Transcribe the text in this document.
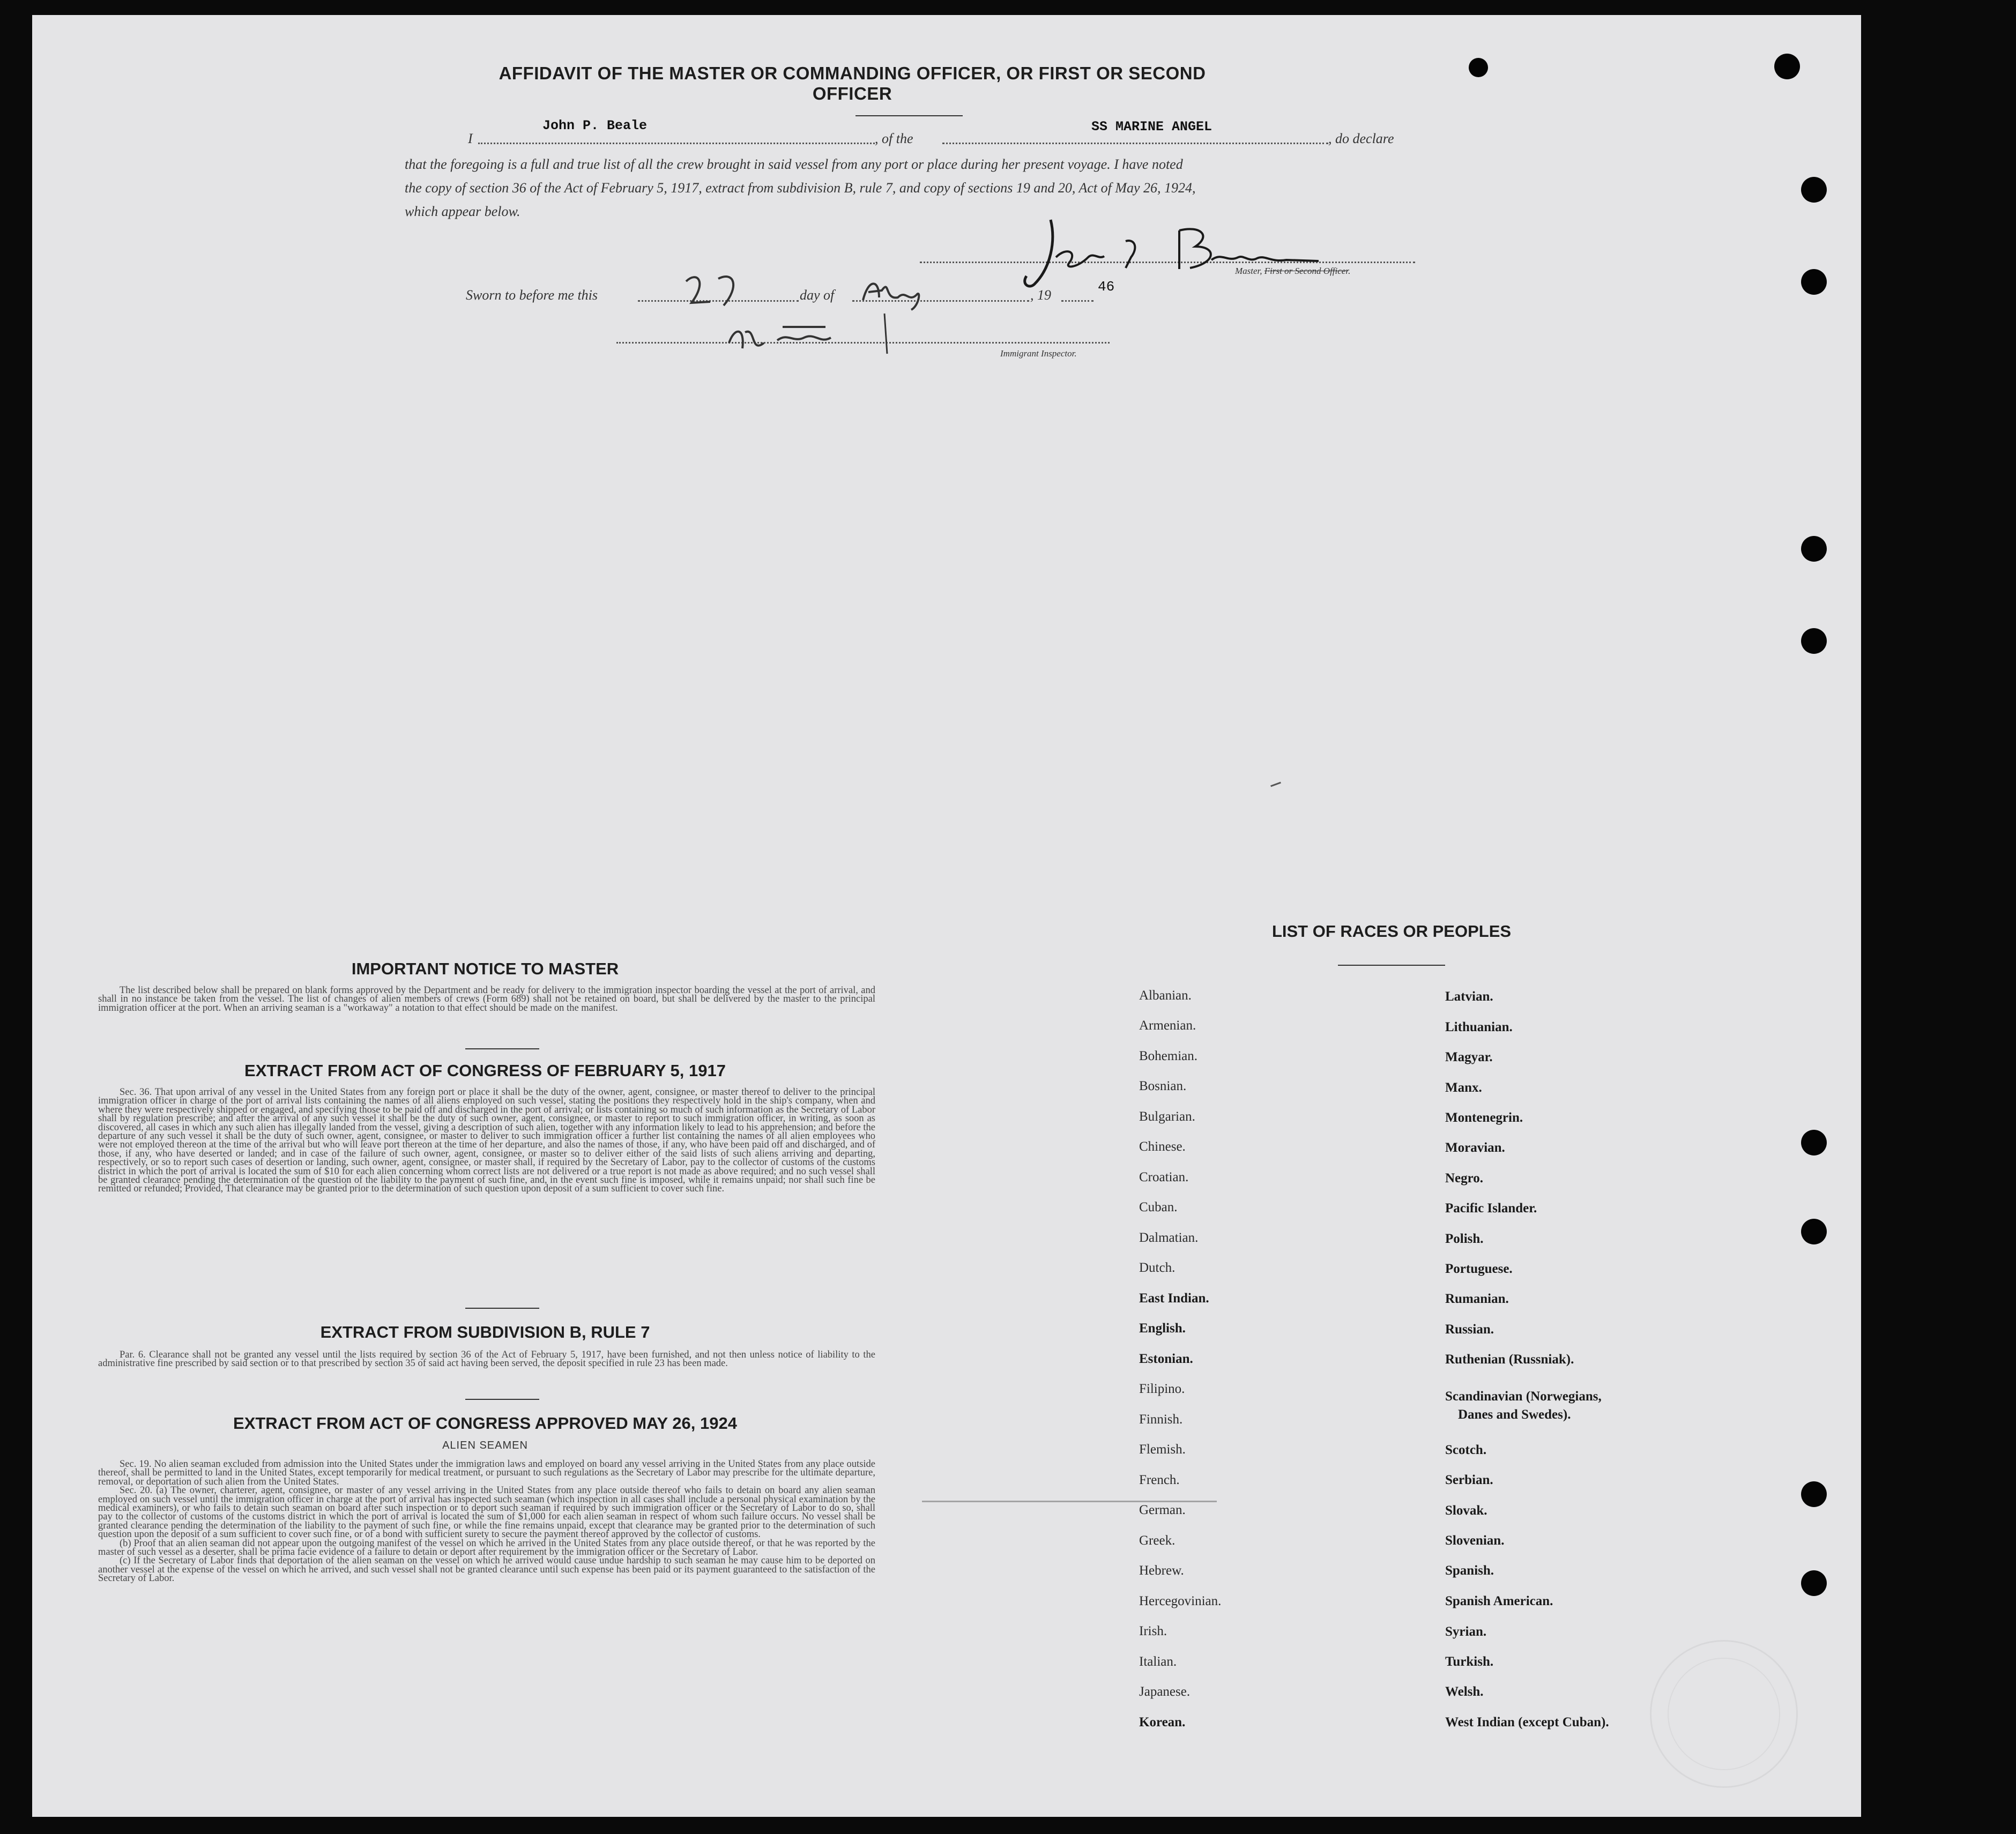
AFFIDAVIT OF THE MASTER OR COMMANDING OFFICER, OR FIRST OR SECOND OFFICER
I
John P. Beale
, of the
SS MARINE ANGEL
, do declare
that the foregoing is a full and true list of all the crew brought in said vessel from any port or place during her present voyage. I have noted
the copy of section 36 of the Act of February 5, 1917, extract from subdivision B, rule 7, and copy of sections 19 and 20, Act of May 26, 1924,
which appear below.
Master, First or Second Officer.
Sworn to before me this	day of	, 19
46
Immigrant Inspector.
IMPORTANT NOTICE TO MASTER
The list described below shall be prepared on blank forms approved by the Department and be ready for delivery to the immigration inspector boarding the vessel at the port of arrival, and shall in no instance be taken from the vessel. The list of changes of alien members of crews (Form 689) shall not be retained on board, but shall be delivered by the master to the principal immigration officer at the port. When an arriving seaman is a "workaway" a notation to that effect should be made on the manifest.
EXTRACT FROM ACT OF CONGRESS OF FEBRUARY 5, 1917
Sec. 36. That upon arrival of any vessel in the United States from any foreign port or place it shall be the duty of the owner, agent, consignee, or master thereof to deliver to the principal immigration officer in charge of the port of arrival lists containing the names of all aliens employed on such vessel, stating the positions they respectively hold in the ship's company, when and where they were respectively shipped or engaged, and specifying those to be paid off and discharged in the port of arrival; or lists containing so much of such information as the Secretary of Labor shall by regulation prescribe; and after the arrival of any such vessel it shall be the duty of such owner, agent, consignee, or master to report to such immigration officer, in writing, as soon as discovered, all cases in which any such alien has illegally landed from the vessel, giving a description of such alien, together with any information likely to lead to his apprehension; and before the departure of any such vessel it shall be the duty of such owner, agent, consignee, or master to deliver to such immigration officer a further list containing the names of all alien employees who were not employed thereon at the time of the arrival but who will leave port thereon at the time of her departure, and also the names of those, if any, who have been paid off and discharged, and of those, if any, who have deserted or landed; and in case of the failure of such owner, agent, consignee, or master so to deliver either of the said lists of such aliens arriving and departing, respectively, or so to report such cases of desertion or landing, such owner, agent, consignee, or master shall, if required by the Secretary of Labor, pay to the collector of customs of the customs district in which the port of arrival is located the sum of $10 for each alien concerning whom correct lists are not delivered or a true report is not made as above required; and no such vessel shall be granted clearance pending the determination of the question of the liability to the payment of such fine, and, in the event such fine is imposed, while it remains unpaid; nor shall such fine be remitted or refunded; Provided, That clearance may be granted prior to the determination of such question upon deposit of a sum sufficient to cover such fine.
EXTRACT FROM SUBDIVISION B, RULE 7
Par. 6. Clearance shall not be granted any vessel until the lists required by section 36 of the Act of February 5, 1917, have been furnished, and not then unless notice of liability to the administrative fine prescribed by said section or to that prescribed by section 35 of said act having been served, the deposit specified in rule 23 has been made.
EXTRACT FROM ACT OF CONGRESS APPROVED MAY 26, 1924
ALIEN SEAMEN

Sec. 19. No alien seaman excluded from admission into the United States under the immigration laws and employed on board any vessel arriving in the United States from any place outside thereof, shall be permitted to land in the United States, except temporarily for medical treatment, or pursuant to such regulations as the Secretary of Labor may prescribe for the ultimate departure, removal, or deportation of such alien from the United States.

Sec. 20. (a) The owner, charterer, agent, consignee, or master of any vessel arriving in the United States from any place outside thereof who fails to detain on board any alien seaman employed on such vessel until the immigration officer in charge at the port of arrival has inspected such seaman (which inspection in all cases shall include a personal physical examination by the medical examiners), or who fails to detain such seaman on board after such inspection or to deport such seaman if required by such immigration officer or the Secretary of Labor to do so, shall pay to the collector of customs of the customs district in which the port of arrival is located the sum of $1,000 for each alien seaman in respect of whom such failure occurs. No vessel shall be granted clearance pending the determination of the liability to the payment of such fine, or while the fine remains unpaid, except that clearance may be granted prior to the determination of such question upon the deposit of a sum sufficient to cover such fine, or of a bond with sufficient surety to secure the payment thereof approved by the collector of customs.

(b) Proof that an alien seaman did not appear upon the outgoing manifest of the vessel on which he arrived in the United States from any place outside thereof, or that he was reported by the master of such vessel as a deserter, shall be prima facie evidence of a failure to detain or deport after requirement by the immigration officer or the Secretary of Labor.

(c) If the Secretary of Labor finds that deportation of the alien seaman on the vessel on which he arrived would cause undue hardship to such seaman he may cause him to be deported on another vessel at the expense of the vessel on which he arrived, and such vessel shall not be granted clearance until such expense has been paid or its payment guaranteed to the satisfaction of the Secretary of Labor.

LIST OF RACES OR PEOPLES
Albanian.
Armenian.
Bohemian.
Bosnian.
Bulgarian.
Chinese.
Croatian.
Cuban.
Dalmatian.
Dutch.
East Indian.
English.
Estonian.
Filipino.
Finnish.
Flemish.
French.
German.
Greek.
Hebrew.
Hercegovinian.
Irish.
Italian.
Japanese.
Korean.
Latvian.
Lithuanian.
Magyar.
Manx.
Montenegrin.
Moravian.
Negro.
Pacific Islander.
Polish.
Portuguese.
Rumanian.
Russian.
Ruthenian (Russniak).
Scandinavian (Norwegians,
Danes and Swedes).
Scotch.
Serbian.
Slovak.
Slovenian.
Spanish.
Spanish American.
Syrian.
Turkish.
Welsh.
West Indian (except Cuban).
